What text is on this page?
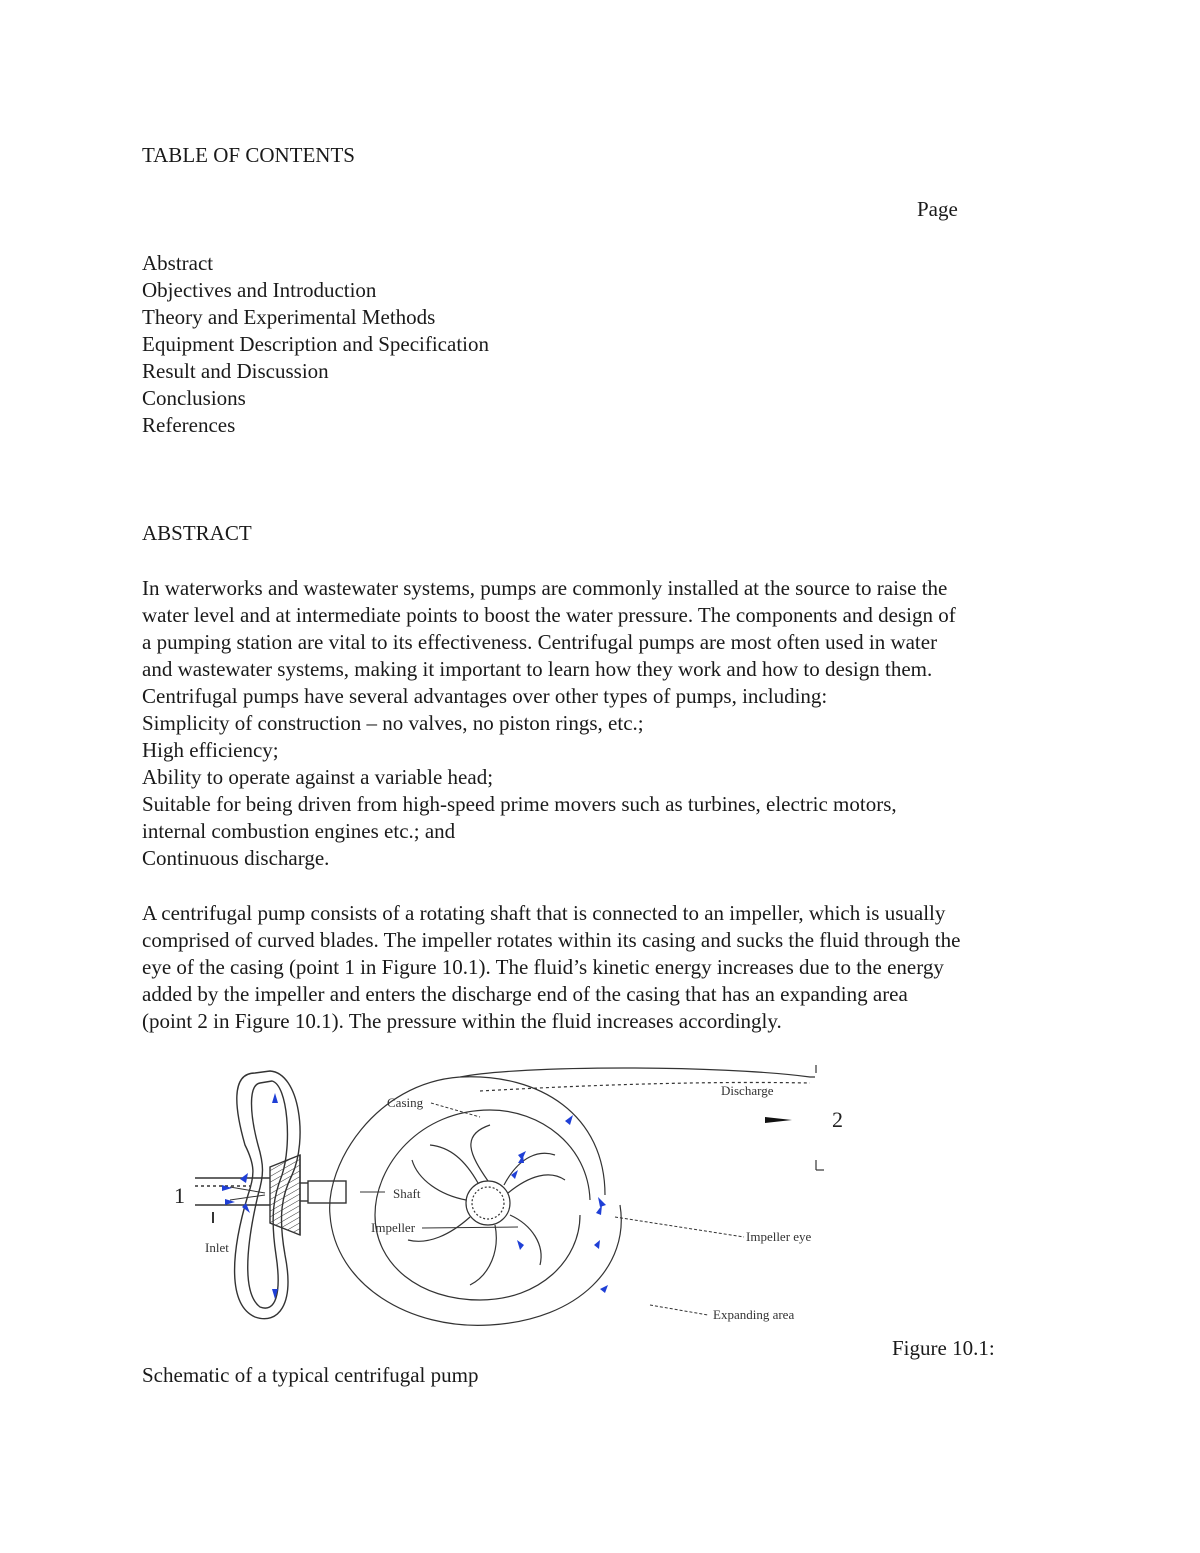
TABLE OF CONTENTS
Page
Abstract
Objectives and Introduction
Theory and Experimental Methods
Equipment Description and Specification
Result and Discussion
Conclusions
References
ABSTRACT
In waterworks and wastewater systems, pumps are commonly installed at the source to raise the
water level and at intermediate points to boost the water pressure. The components and design of
a pumping station are vital to its effectiveness. Centrifugal pumps are most often used in water
and wastewater systems, making it important to learn how they work and how to design them.
Centrifugal pumps have several advantages over other types of pumps, including:
Simplicity of construction – no valves, no piston rings, etc.;
High efficiency;
Ability to operate against a variable head;
Suitable for being driven from high-speed prime movers such as turbines, electric motors,
internal combustion engines etc.; and
Continuous discharge.
A centrifugal pump consists of a rotating shaft that is connected to an impeller, which is usually
comprised of curved blades. The impeller rotates within its casing and sucks the fluid through the
eye of the casing (point 1 in Figure 10.1). The fluid’s kinetic energy increases due to the energy
added by the impeller and enters the discharge end of the casing that has an expanding area
(point 2 in Figure 10.1). The pressure within the fluid increases accordingly.
1
Inlet
Shaft
Casing
Discharge
2
Impeller
Impeller eye
Expanding area
Figure 10.1:
Schematic of a typical centrifugal pump
